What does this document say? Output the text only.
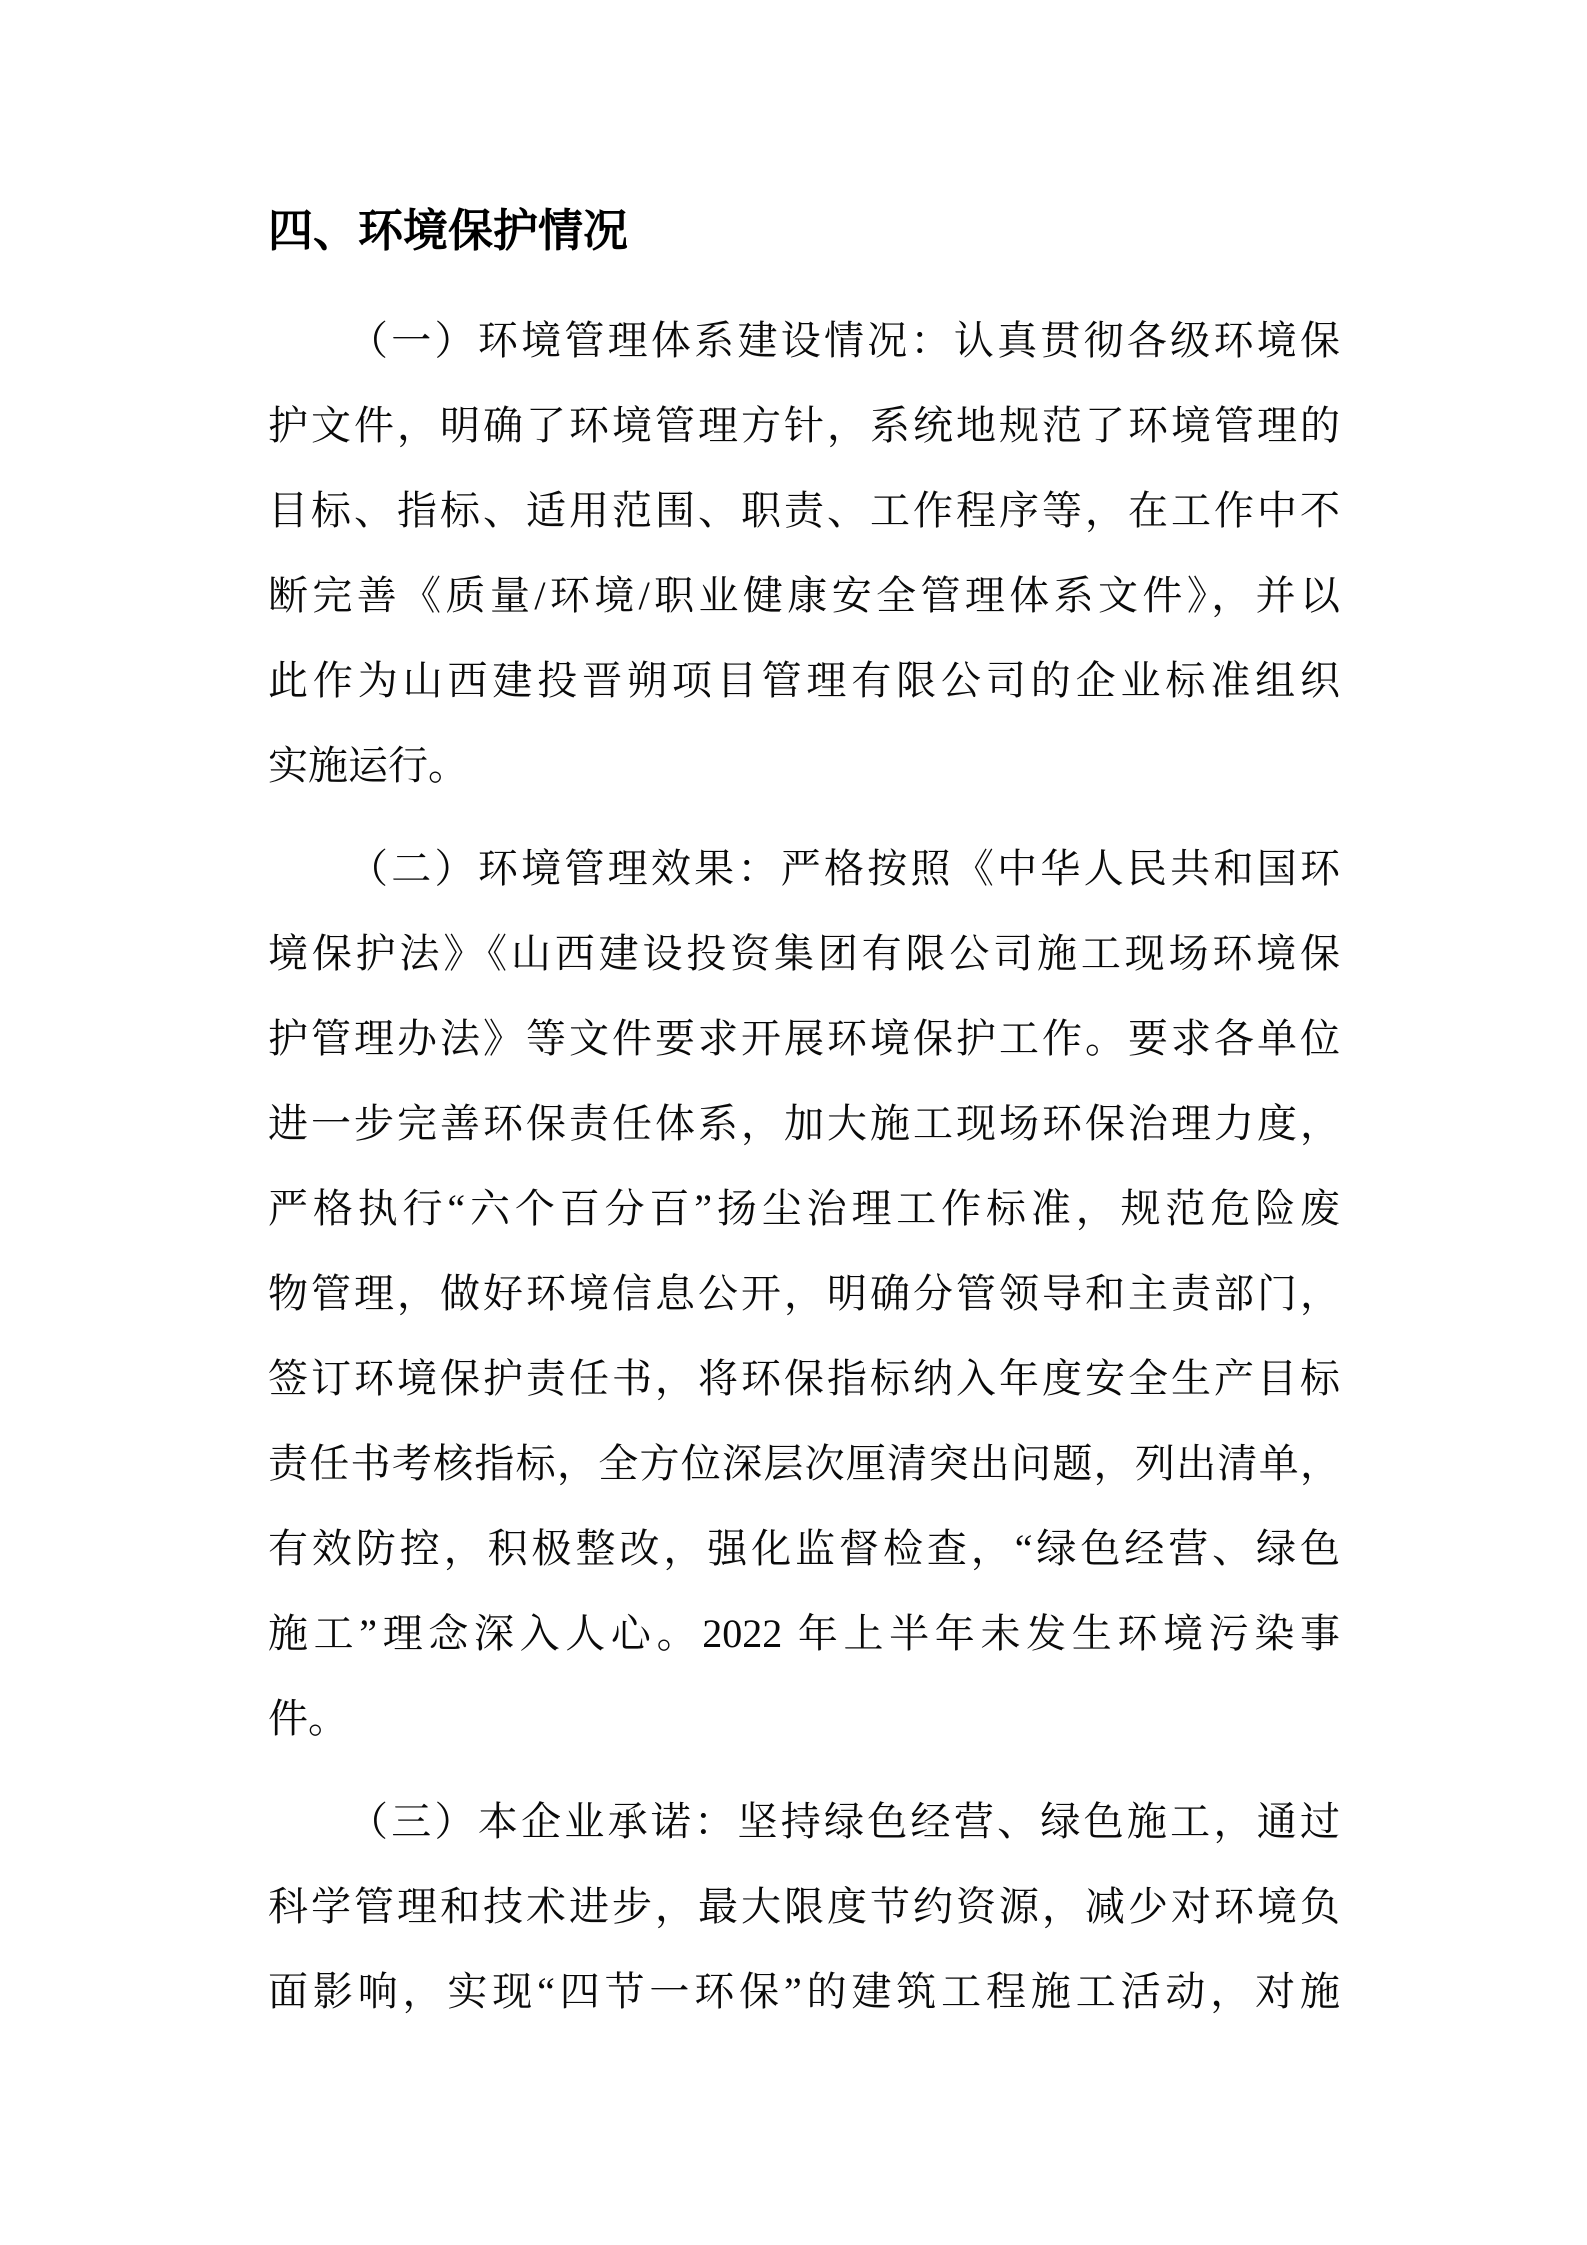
四、环境保护情况
（一）环境管理体系建设情况：认真贯彻各级环境保
护文件，明确了环境管理方针，系统地规范了环境管理的
目标、指标、适用范围、职责、工作程序等，在工作中不
断完善《质量/环境/职业健康安全管理体系文件》，并以
此作为山西建投晋朔项目管理有限公司的企业标准组织
实施运行。
（二）环境管理效果：严格按照《中华人民共和国环
境保护法》《山西建设投资集团有限公司施工现场环境保
护管理办法》等文件要求开展环境保护工作。要求各单位
进一步完善环保责任体系，加大施工现场环保治理力度，
严格执行“六个百分百”扬尘治理工作标准，规范危险废
物管理，做好环境信息公开，明确分管领导和主责部门，
签订环境保护责任书，将环保指标纳入年度安全生产目标
责任书考核指标，全方位深层次厘清突出问题，列出清单，
有效防控，积极整改，强化监督检查，“绿色经营、绿色
施工”理念深入人心。2022 年上半年未发生环境污染事
件。
（三）本企业承诺：坚持绿色经营、绿色施工，通过
科学管理和技术进步，最大限度节约资源，减少对环境负
面影响，实现“四节一环保”的建筑工程施工活动，对施
